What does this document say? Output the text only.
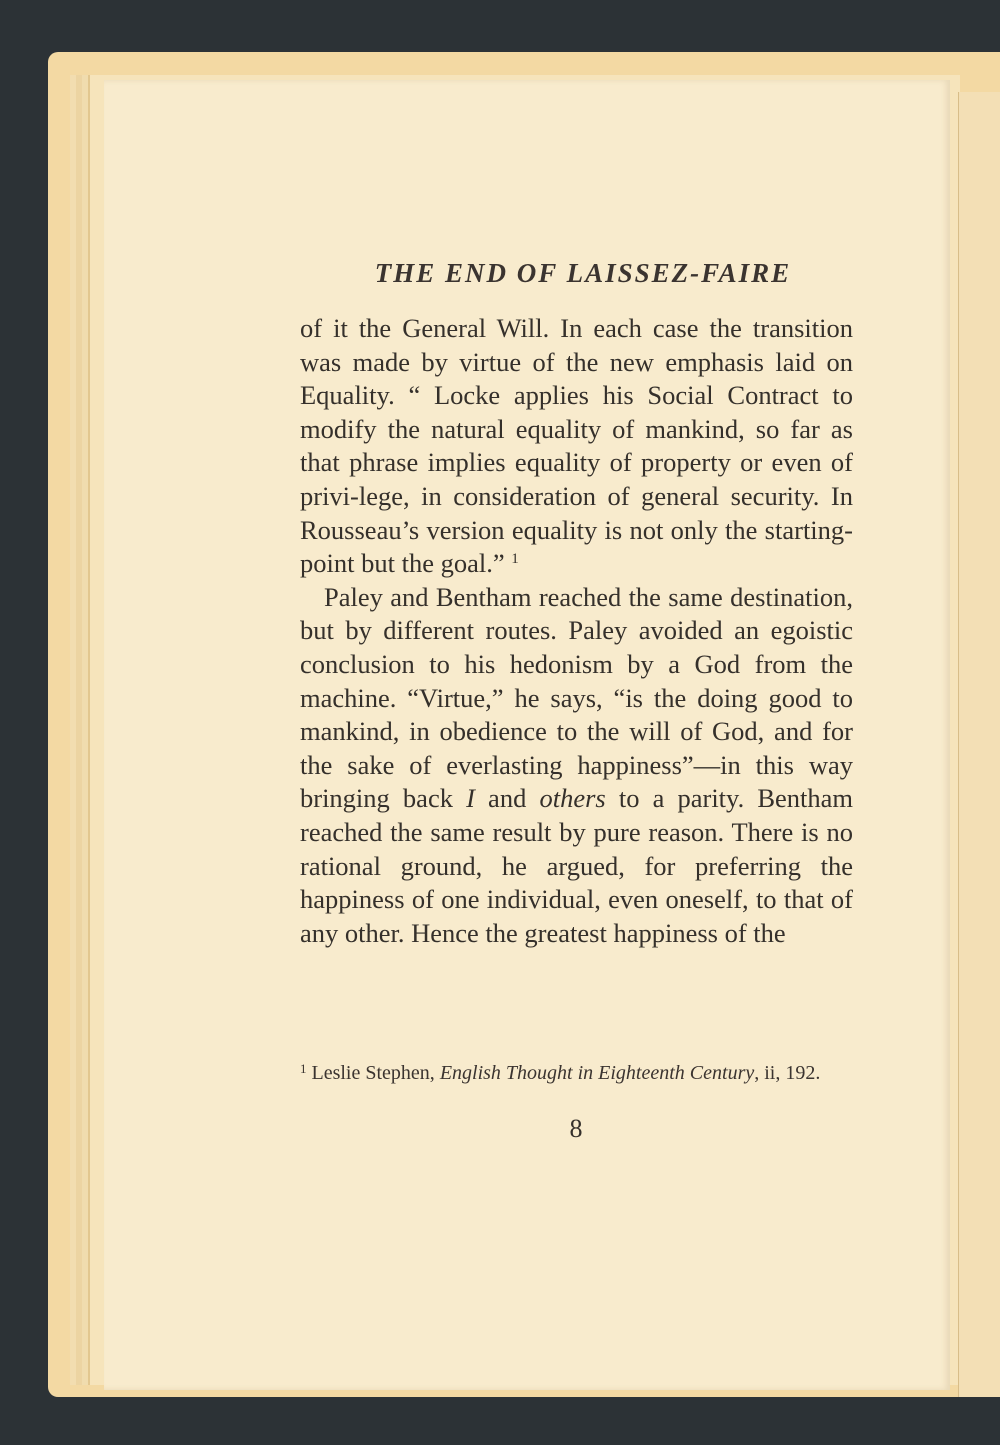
THE END OF LAISSEZ-FAIRE

of it the General Will. In each case the transition was made by virtue of the new emphasis laid on Equality. “ Locke applies his Social Contract to modify the natural equality of mankind, so far as that phrase implies equality of property or even of privi-lege, in consideration of general security. In Rousseau’s version equality is not only the starting-point but the goal.” $^1$

Paley and Bentham reached the same destination, but by different routes. Paley avoided an egoistic conclusion to his hedonism by a God from the machine. “Virtue,” he says, “is the doing good to mankind, in obedience to the will of God, and for the sake of everlasting happiness”—in this way bringing back I and others to a parity. Bentham reached the same result by pure reason. There is no rational ground, he argued, for preferring the happiness of one individual, even oneself, to that of any other. Hence the greatest happiness of the

$^1$ Leslie Stephen, English Thought in Eighteenth Century, ii, 192.

8
